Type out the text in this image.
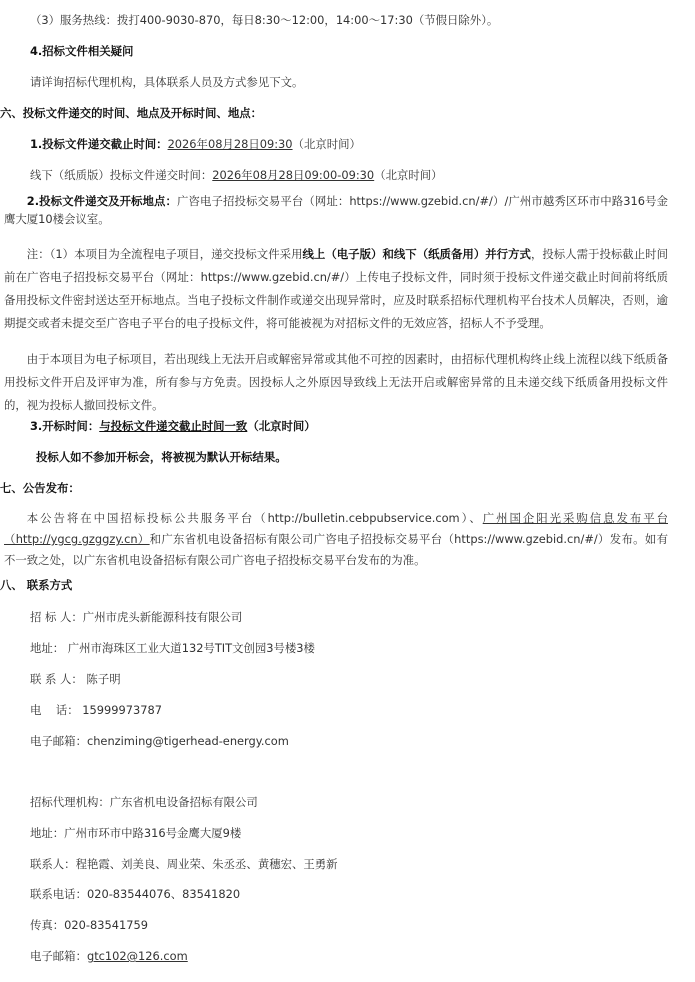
（3）服务热线：拨打400-9030-870，每日8:30～12:00，14:00～17:30（节假日除外）。
4.招标文件相关疑问
请详询招标代理机构，具体联系人员及方式参见下文。
六、投标文件递交的时间、地点及开标时间、地点：
1.投标文件递交截止时间：2026年08月28日09:30（北京时间）
线下（纸质版）投标文件递交时间：2026年08月28日09:00-09:30（北京时间）
2.投标文件递交及开标地点：广咨电子招投标交易平台（网址：https://www.gzebid.cn/#/）/广州市越秀区环市中路316号金鹰大厦10楼会议室。
注：（1）本项目为全流程电子项目，递交投标文件采用线上（电子版）和线下（纸质备用）并行方式，投标人需于投标截止时间前在广咨电子招投标交易平台（网址：https://www.gzebid.cn/#/）上传电子投标文件，同时须于投标文件递交截止时间前将纸质备用投标文件密封送达至开标地点。当电子投标文件制作或递交出现异常时，应及时联系招标代理机构平台技术人员解决，否则，逾期提交或者未提交至广咨电子平台的电子投标文件，将可能被视为对招标文件的无效应答，招标人不予受理。
由于本项目为电子标项目，若出现线上无法开启或解密异常或其他不可控的因素时，由招标代理机构终止线上流程以线下纸质备用投标文件开启及评审为准，所有参与方免责。因投标人之外原因导致线上无法开启或解密异常的且未递交线下纸质备用投标文件的，视为投标人撤回投标文件。
3.开标时间：与投标文件递交截止时间一致（北京时间）
投标人如不参加开标会，将被视为默认开标结果。
七、公告发布：
本公告将在中国招标投标公共服务平台（http://bulletin.cebpubservice.com）、广州国企阳光采购信息发布平台（http://ygcg.gzggzy.cn）和广东省机电设备招标有限公司广咨电子招投标交易平台（https://www.gzebid.cn/#/）发布。如有不一致之处，以广东省机电设备招标有限公司广咨电子招投标交易平台发布的为准。
八、 联系方式
招 标 人：广州市虎头新能源科技有限公司
地址： 广州市海珠区工业大道132号TIT文创园3号楼3楼
联 系 人： 陈子明
电    话： 15999973787
电子邮箱：chenziming@tigerhead-energy.com
招标代理机构：广东省机电设备招标有限公司
地址：广州市环市中路316号金鹰大厦9楼
联系人：程艳霞、刘美良、周业荣、朱丞丞、黄穗宏、王勇新
联系电话：020-83544076、83541820
传真：020-83541759
电子邮箱：gtc102@126.com
